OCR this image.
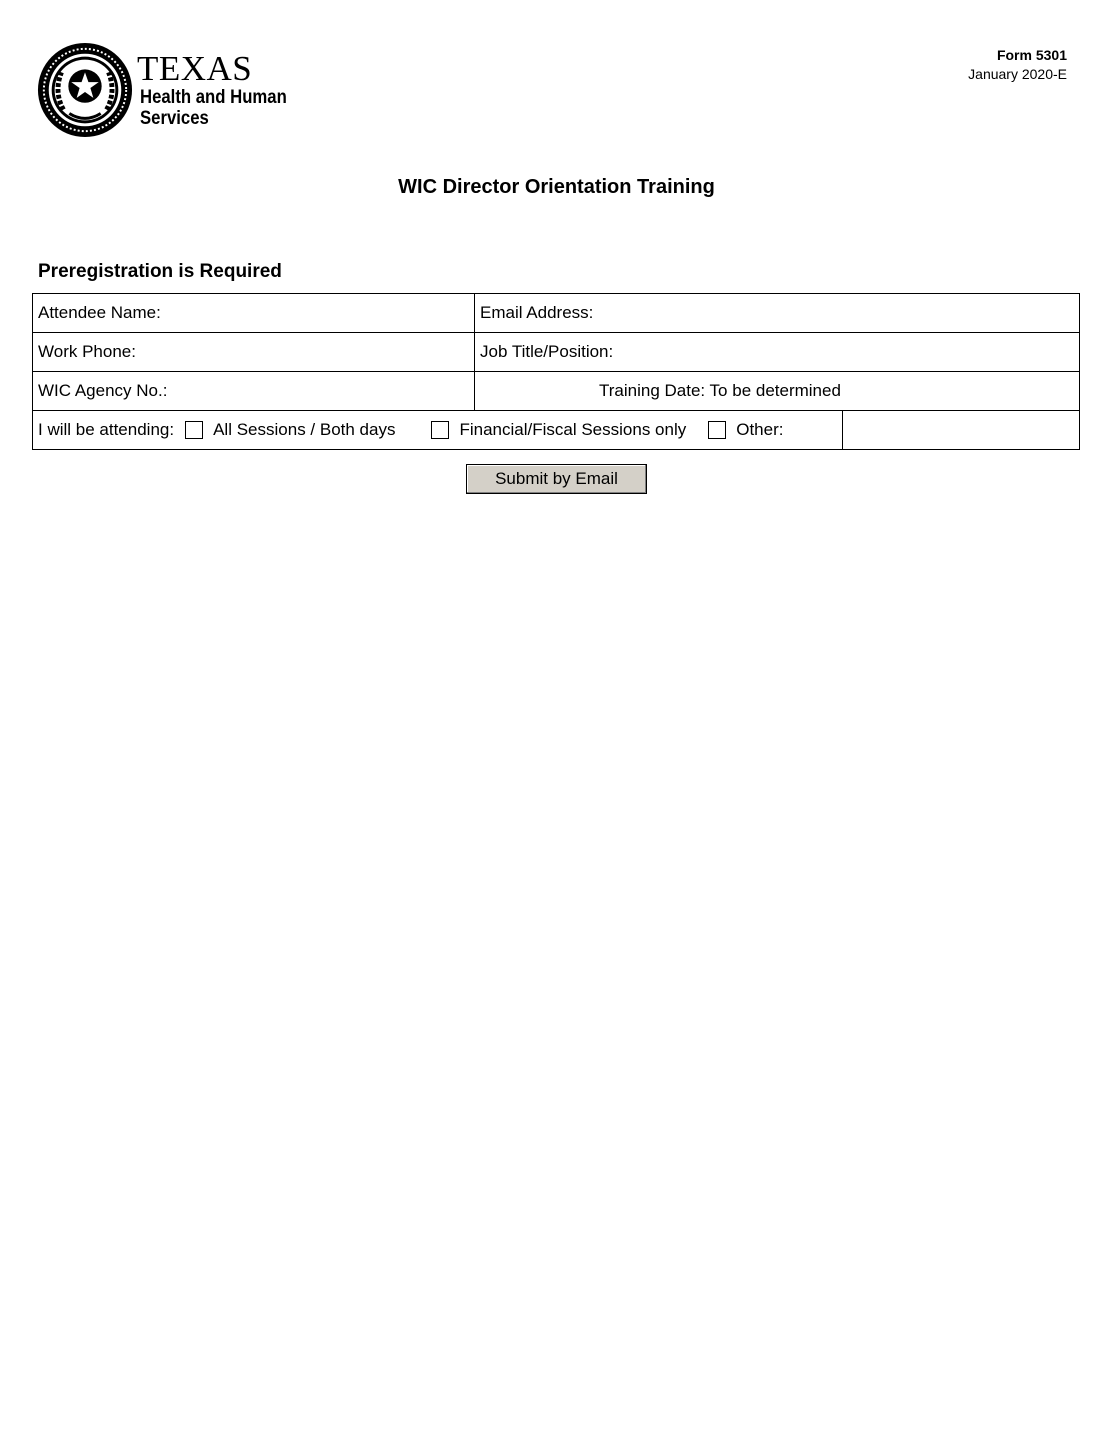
TEXAS
Health and Human
Services
Form 5301
January 2020-E
WIC Director Orientation Training
Preregistration is Required
Attendee Name:	Email Address:
Work Phone:	Job Title/Position:
WIC Agency No.:	Training Date: To be determined

I will be attending: All Sessions / Both days Financial/Fiscal Sessions only Other:	
Submit by Email
